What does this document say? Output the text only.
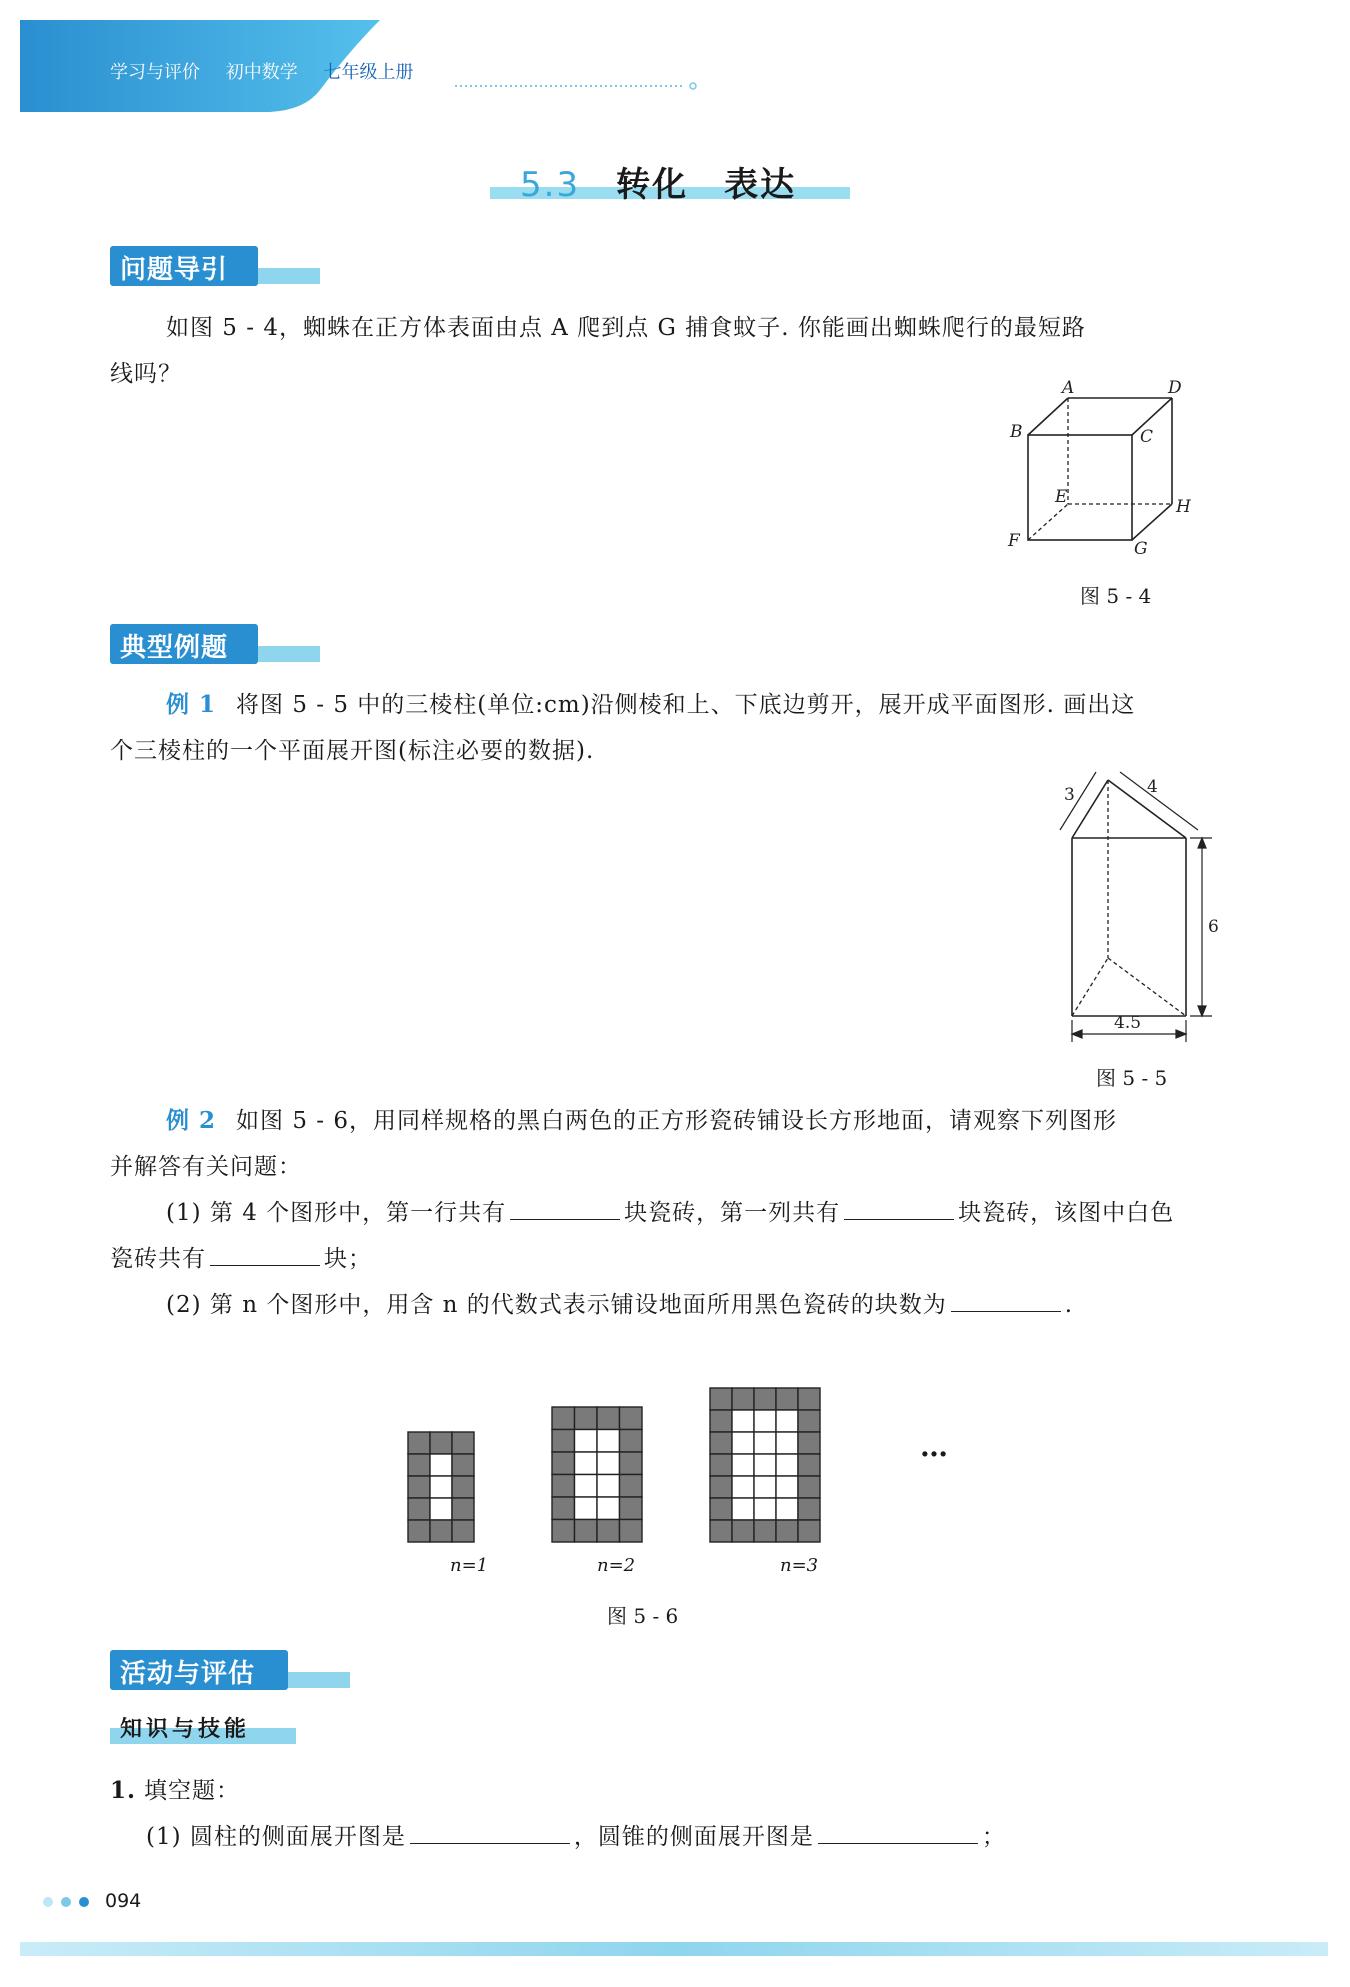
学习与评价 初中数学 七年级上册
5.3 转化 表达
问题导引
如图 5 - 4，蜘蛛在正方体表面由点 A 爬到点 G 捕食蚊子. 你能画出蜘蛛爬行的最短路
线吗？
A	D
B	C
E	H
F	G
图 5 - 4
典型例题
例 1 将图 5 - 5 中的三棱柱(单位:cm)沿侧棱和上、下底边剪开，展开成平面图形. 画出这
个三棱柱的一个平面展开图(标注必要的数据).
3	4
6
4.5
图 5 - 5
例 2 如图 5 - 6，用同样规格的黑白两色的正方形瓷砖铺设长方形地面，请观察下列图形
并解答有关问题：
(1) 第 4 个图形中，第一行共有	块瓷砖，第一列共有	块瓷砖，该图中白色
瓷砖共有	块；
(2) 第 n 个图形中，用含 n 的代数式表示铺设地面所用黑色瓷砖的块数为	.
…
n=1	n=2	n=3
图 5 - 6
活动与评估
知识与技能
1. 填空题：
(1) 圆柱的侧面展开图是	，圆锥的侧面展开图是	；
094
